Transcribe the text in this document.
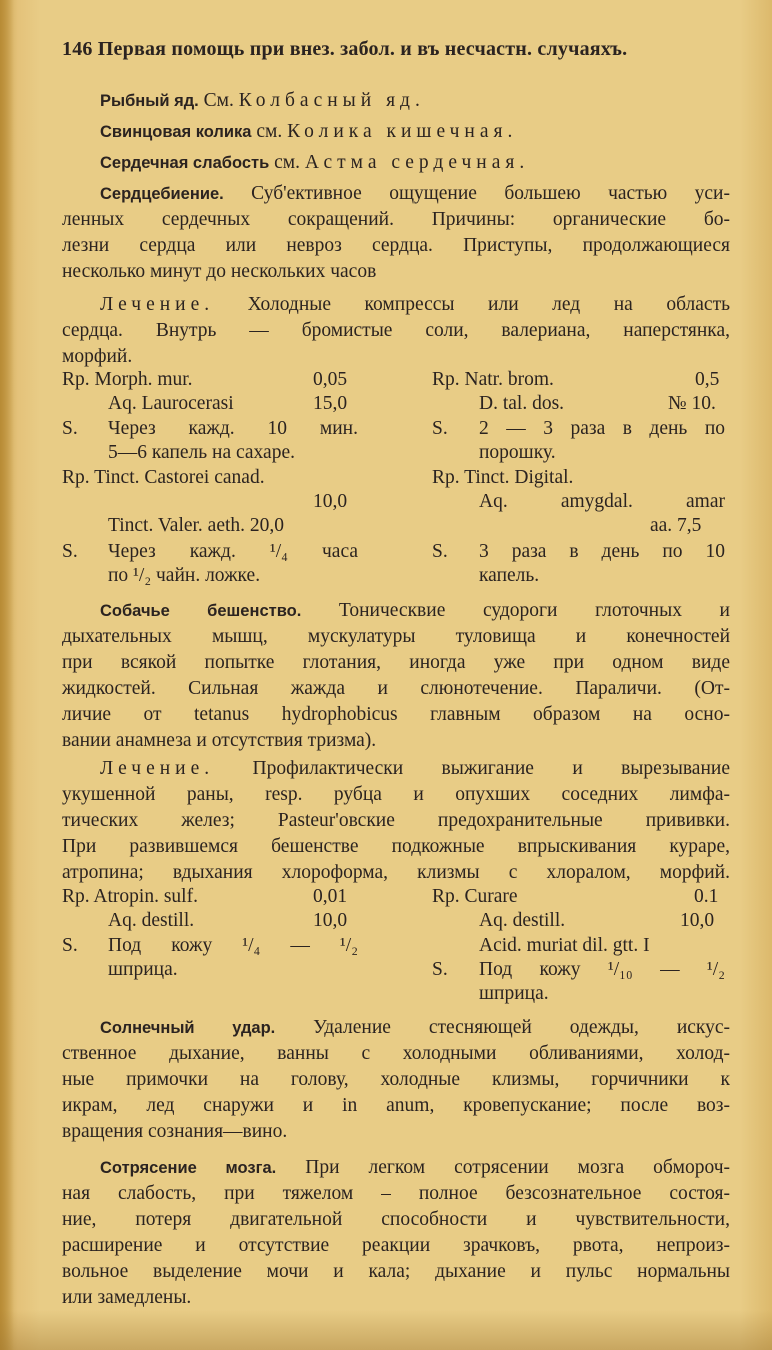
146 Первая помощь при внез. забол. и въ несчастн. случаяхъ.
Рыбный яд. См. Колбасный яд.
Свинцовая колика см. Колика кишечная.
Сердечная слабость см. Астма сердечная.
Сердцебиение. Суб'ективное ощущение большею частью уси-
ленных сердечных сокращений. Причины: органические бо-
лезни сердца или невроз сердца. Приступы, продолжающиеся
несколько минут до нескольких часов
Лечение. Холодные компрессы или лед на область
сердца. Внутрь — бромистые соли, валериана, наперстянка,
морфий.
Rp. Morph. mur.	0,05
Aq. Laurocerasi	15,0
S. Через кажд. 10 мин.
5—6 капель на сахаре.
Rp. Tinct. Castorei canad.
10,0
Tinct. Valer. aeth. 20,0
S. Через кажд. ¹/₄ часа
по ¹/₂ чайн. ложке.
Rp. Natr. brom.	0,5
D. tal. dos.	№ 10.
S. 2 — 3 раза в день по
порошку.
Rp. Tinct. Digital.
Aq. amygdal. amar
aa. 7,5
S. 3 раза в день по 10
капель.
Собачье бешенство. Тоническвие судороги глоточных и
дыхательных мышц, мускулатуры туловища и конечностей
при всякой попытке глотания, иногда уже при одном виде
жидкостей. Сильная жажда и слюнотечение. Параличи. (От-
личие от tetanus hydrophobicus главным образом на осно-
вании анамнеза и отсутствия тризма).
Лечение. Профилактически выжигание и вырезывание
укушенной раны, resp. рубца и опухших соседних лимфа-
тических желез; Pasteur'овские предохранительные прививки.
При развившемся бешенстве подкожные впрыскивания кураре,
атропина; вдыхания хлороформа, клизмы с хлоралом, морфий.
Rp. Atropin. sulf.	0,01
Aq. destill.	10,0
S. Под кожу ¹/₄ — ¹/₂
шприца.
Rp. Curare	0.1
Aq. destill.	10,0
Acid. muriat dil. gtt. I
S. Под кожу ¹/₁₀ — ¹/₂
шприца.
Солнечный удар. Удаление стесняющей одежды, искус-
ственное дыхание, ванны с холодными обливаниями, холод-
ные примочки на голову, холодные клизмы, горчичники к
икрам, лед снаружи и in anum, кровепускание; после воз-
вращения сознания—вино.
Сотрясение мозга. При легком сотрясении мозга обмороч-
ная слабость, при тяжелом – полное безсознательное состоя-
ние, потеря двигательной способности и чувствительности,
расширение и отсутствие реакции зрачковъ, рвота, непроиз-
вольное выделение мочи и кала; дыхание и пульс нормальны
или замедлены.
